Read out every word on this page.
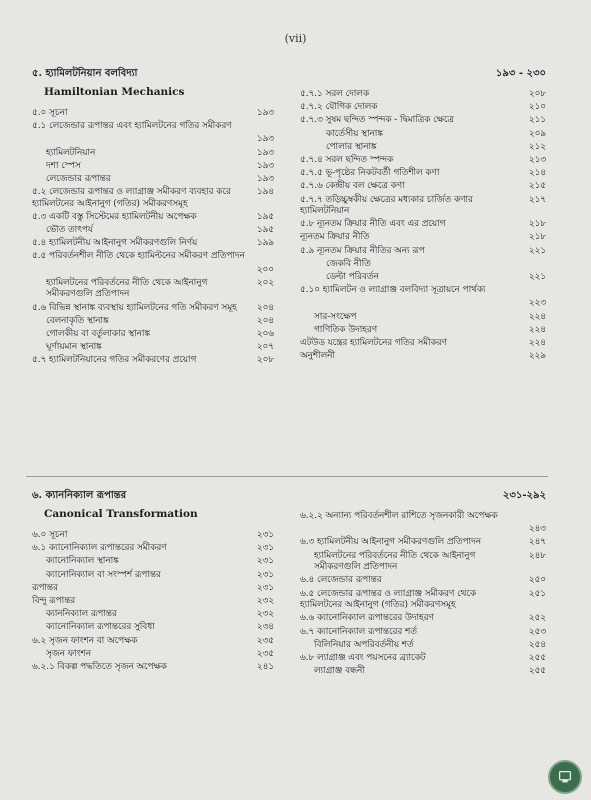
(vii)
৫. হ্যামিলটনিয়ান বলবিদ্যা
Hamiltonian Mechanics
৫.০ সূচনা	১৯৩
৫.১ লেজেন্ডার রূপান্তর এবং হ্যামিলটনের গতির সমীকরণ
১৯৩
হ্যামিলটনিয়ান	১৯৩
দশা স্পেস	১৯৩
লেজেন্ডার রূপান্তর	১৯৩
৫.২ লেজেন্ডার রূপান্তর ও ল্যাগ্রাঞ্জ সমীকরণ ব্যবহার করে হ্যামিলটনের আইনানুগ (গতির) সমীকরণসমূহ
১৯৪
৫.৩ একটি বস্তু সিস্টেমের হ্যামিলটনীয় অপেক্ষক	১৯৫
ভৌত তাৎপর্য	১৯৫
৫.৪ হ্যামিলটনীয় আইনানুগ সমীকরণগুলি নির্ণয়	১৯৯
৫.৫ পরিবর্তনশীল নীতি থেকে হ্যামিল্টনের সমীকরণ প্রতিপাদন
২০০
হ্যামিলটনের পরিবর্তনের নীতি থেকে আইনানুগ সমীকরণগুলি প্রতিপাদন
২০২
৫.৬ বিভিন্ন স্থানাঙ্ক ব্যবস্থায় হ্যামিলটনের গতি সমীকরণ সমূহ	২০৪
বেলনাকৃতি স্থানাঙ্ক	২০৪
গোলকীয় বা বর্তুলাকার স্থানাঙ্ক	২০৬
ঘূর্ণায়মান স্থানাঙ্ক	২০৭
৫.৭ হ্যামিলটনিয়ানের গতির সমীকরণের প্রয়োগ	২০৮
১৯৩ - ২৩০
৫.৭.১ সরল দোলক	২০৮
৫.৭.২ যৌগিক দোলক	২১০
৫.৭.৩ সুষম ছন্দিত স্পন্দক - দ্বিমাত্রিক ক্ষেত্রে	২১১
কার্তেসীয় স্থানাঙ্ক	২০৯
পোলার স্থানাঙ্ক	২১২
৫.৭.৪ সরল ছন্দিত স্পন্দক	২১৩
৫.৭.৫ ভূ-পৃষ্ঠের নিকটবর্তী গতিশীল কণা	২১৪
৫.৭.৬ কেন্দ্রীয় বল ক্ষেত্রে কণা	২১৫
৫.৭.৭ তড়িচ্চুম্বকীয় ক্ষেত্রের মধ্যকার চার্জিত কণার হ্যামিলটনিয়ান
২১৭
৫.৮ ন্যূনতম ক্রিয়ার নীতি এবং এর প্রয়োগ	২১৮
ন্যূনতম ক্রিয়ার নীতি	২১৮
৫.৯ ন্যূনতম ক্রিয়ার নীতির অন্য রূপ	২২১
জেকবি নীতি
ডেল্টা পরিবর্তন	২২১
৫.১০ হ্যামিলটন ও ল্যাগ্রাঞ্জ বলবিদ্যা সূত্রায়নে পার্থক্য
২২৩
সার-সংক্ষেপ	২২৪
গাণিতিক উদাহরণ	২২৪
এটউড যন্ত্রের হ্যামিলটনের গতির সমীকরণ	২২৪
অনুশীলনী	২২৯
৬. ক্যাননিক্যাল রূপান্তর
Canonical Transformation
৬.০ সূচনা	২৩১
৬.১ ক্যানোনিক্যাল রূপান্তরের সমীকরণ	২৩১
ক্যানোনিক্যাল স্থানাঙ্ক	২৩১
ক্যানোনিক্যাল বা সংস্পর্শ রূপান্তর	২৩১
রূপান্তর	২৩১
বিন্দু রূপান্তর	২৩২
ক্যাননিক্যাল রূপান্তর	২৩২
ক্যানোনিক্যাল রূপান্তরের সুবিধা	২৩৪
৬.২ সৃজন ফাংশন বা অপেক্ষক	২৩৫
সৃজন ফাংশন	২৩৫
৬.২.১ বিকল্প পদ্ধতিতে সৃজন অপেক্ষক	২৪১
২৩১-২৯২
৬.২.২ অন্যান্য পরিবর্তনশীল রাশিতে সৃজনকারী অপেক্ষক
২৪৩
৬.৩ হ্যামিলটনীয় আইনানুগ সমীকরণগুলি প্রতিপাদন	২৪৭
হ্যামিলটনের পরিবর্তনের নীতি থেকে আইনানুগ সমীকরণগুলি প্রতিপাদন
২৪৮
৬.৪ লেজেন্ডার রূপান্তর	২৫০
৬.৫ লেজেন্ডার রূপান্তর ও ল্যাগ্রাঞ্জ সমীকরণ থেকে হ্যামিলটনের আইনানুগ (গতির) সমীকরণসমূহ
২৫১
৬.৬ ক্যানোনিক্যাল রূপান্তরের উদাহরণ	২৫২
৬.৭ ক্যানোনিক্যাল রূপান্তরের শর্ত	২৫৩
বিলিনিয়ার অপরিবর্তনীয় শর্ত	২৫৪
৬.৮ ল্যাগ্রাঞ্জ এবং পয়সনের ব্র্যাকেট	২৫৫
ল্যাগ্রাঞ্জ বন্ধনী	২৫৫
